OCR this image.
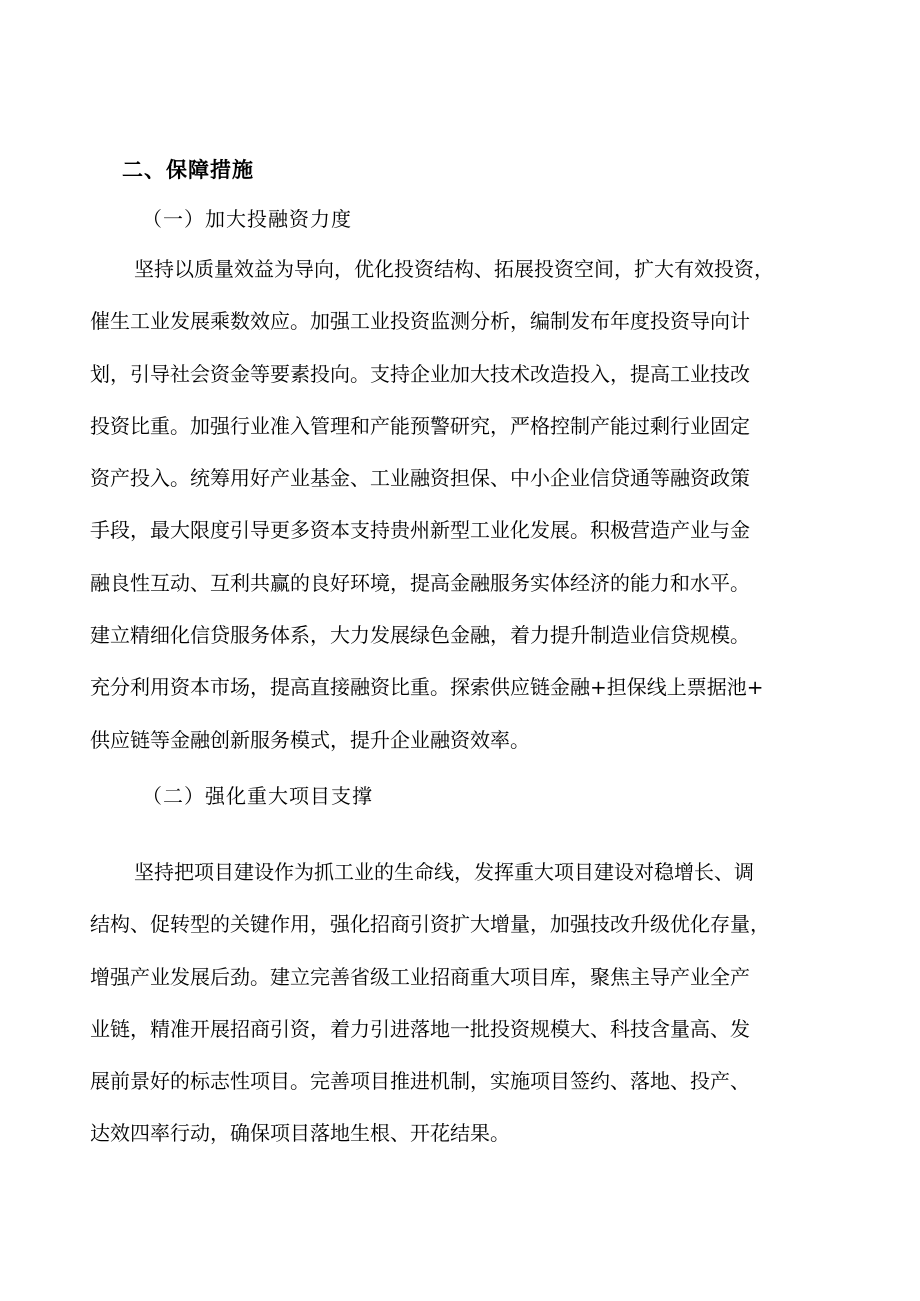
二、保障措施
（一）加大投融资力度
坚持以质量效益为导向，优化投资结构、拓展投资空间，扩大有效投资，
催生工业发展乘数效应。加强工业投资监测分析，编制发布年度投资导向计
划，引导社会资金等要素投向。支持企业加大技术改造投入，提高工业技改
投资比重。加强行业准入管理和产能预警研究，严格控制产能过剩行业固定
资产投入。统筹用好产业基金、工业融资担保、中小企业信贷通等融资政策
手段，最大限度引导更多资本支持贵州新型工业化发展。积极营造产业与金
融良性互动、互利共赢的良好环境，提高金融服务实体经济的能力和水平。
建立精细化信贷服务体系，大力发展绿色金融，着力提升制造业信贷规模。
充分利用资本市场，提高直接融资比重。探索供应链金融+担保线上票据池+
供应链等金融创新服务模式，提升企业融资效率。
（二）强化重大项目支撑
坚持把项目建设作为抓工业的生命线，发挥重大项目建设对稳增长、调
结构、促转型的关键作用，强化招商引资扩大增量，加强技改升级优化存量，
增强产业发展后劲。建立完善省级工业招商重大项目库，聚焦主导产业全产
业链，精准开展招商引资，着力引进落地一批投资规模大、科技含量高、发
展前景好的标志性项目。完善项目推进机制，实施项目签约、落地、投产、
达效四率行动，确保项目落地生根、开花结果。
